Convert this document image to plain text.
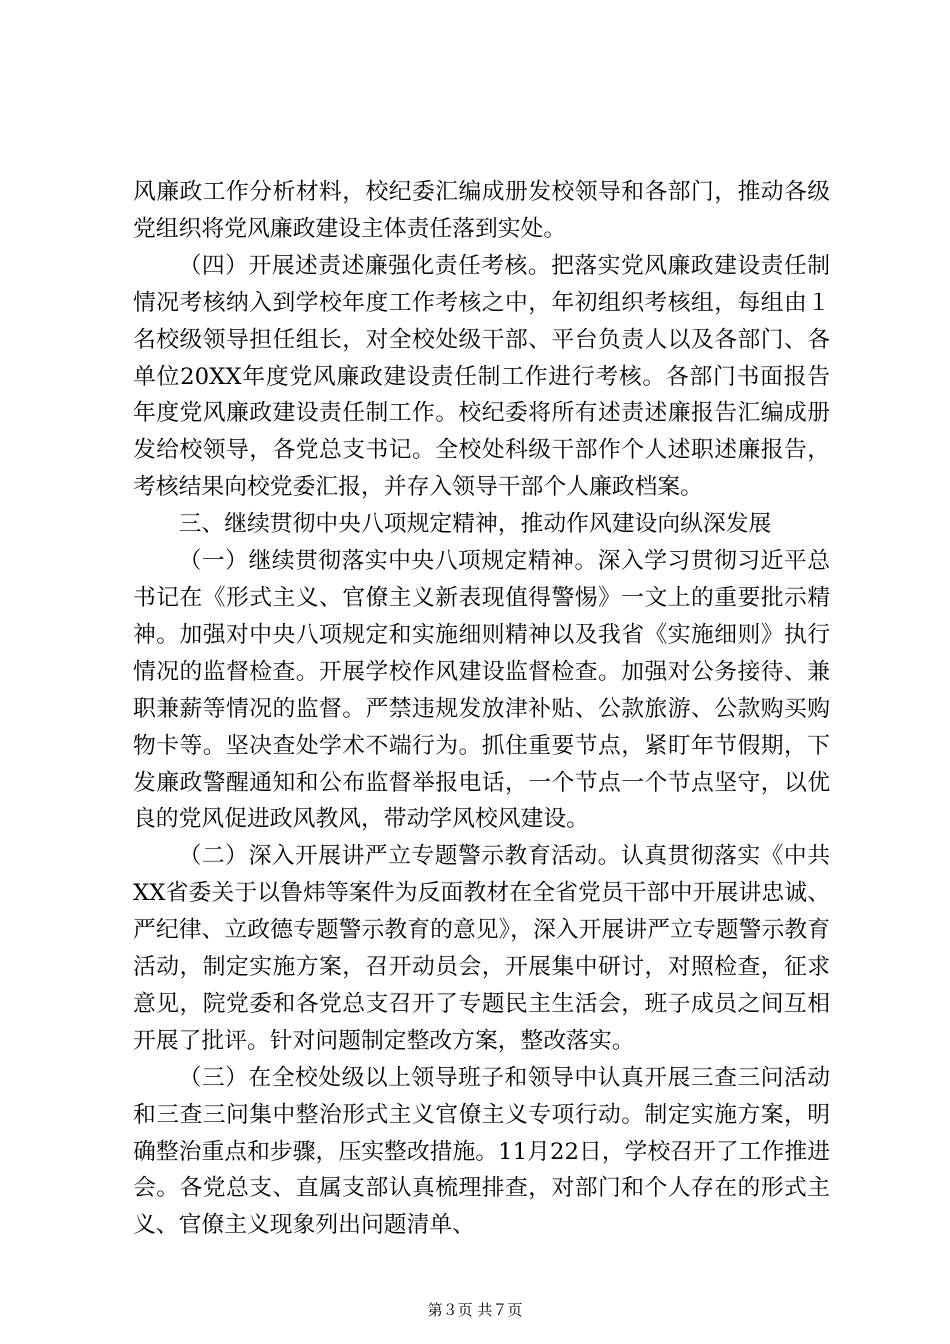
风廉政工作分析材料，校纪委汇编成册发校领导和各部门，推动各级党组织将党风廉政建设主体责任落到实处。

（四）开展述责述廉强化责任考核。把落实党风廉政建设责任制情况考核纳入到学校年度工作考核之中，年初组织考核组，每组由１名校级领导担任组长，对全校处级干部、平台负责人以及各部门、各单位20XX年度党风廉政建设责任制工作进行考核。各部门书面报告年度党风廉政建设责任制工作。校纪委将所有述责述廉报告汇编成册发给校领导，各党总支书记。全校处科级干部作个人述职述廉报告，考核结果向校党委汇报，并存入领导干部个人廉政档案。

三、继续贯彻中央八项规定精神，推动作风建设向纵深发展

（一）继续贯彻落实中央八项规定精神。深入学习贯彻习近平总书记在《形式主义、官僚主义新表现值得警惕》一文上的重要批示精神。加强对中央八项规定和实施细则精神以及我省《实施细则》执行情况的监督检查。开展学校作风建设监督检查。加强对公务接待、兼职兼薪等情况的监督。严禁违规发放津补贴、公款旅游、公款购买购物卡等。坚决查处学术不端行为。抓住重要节点，紧盯年节假期，下发廉政警醒通知和公布监督举报电话，一个节点一个节点坚守，以优良的党风促进政风教风，带动学风校风建设。

（二）深入开展讲严立专题警示教育活动。认真贯彻落实《中共XX省委关于以鲁炜等案件为反面教材在全省党员干部中开展讲忠诚、严纪律、立政德专题警示教育的意见》，深入开展讲严立专题警示教育活动，制定实施方案，召开动员会，开展集中研讨，对照检查，征求意见，院党委和各党总支召开了专题民主生活会，班子成员之间互相开展了批评。针对问题制定整改方案，整改落实。

（三）在全校处级以上领导班子和领导中认真开展三查三问活动和三查三问集中整治形式主义官僚主义专项行动。制定实施方案，明确整治重点和步骤，压实整改措施。11月22日，学校召开了工作推进会。各党总支、直属支部认真梳理排查，对部门和个人存在的形式主义、官僚主义现象列出问题清单、

第３页 共７页
